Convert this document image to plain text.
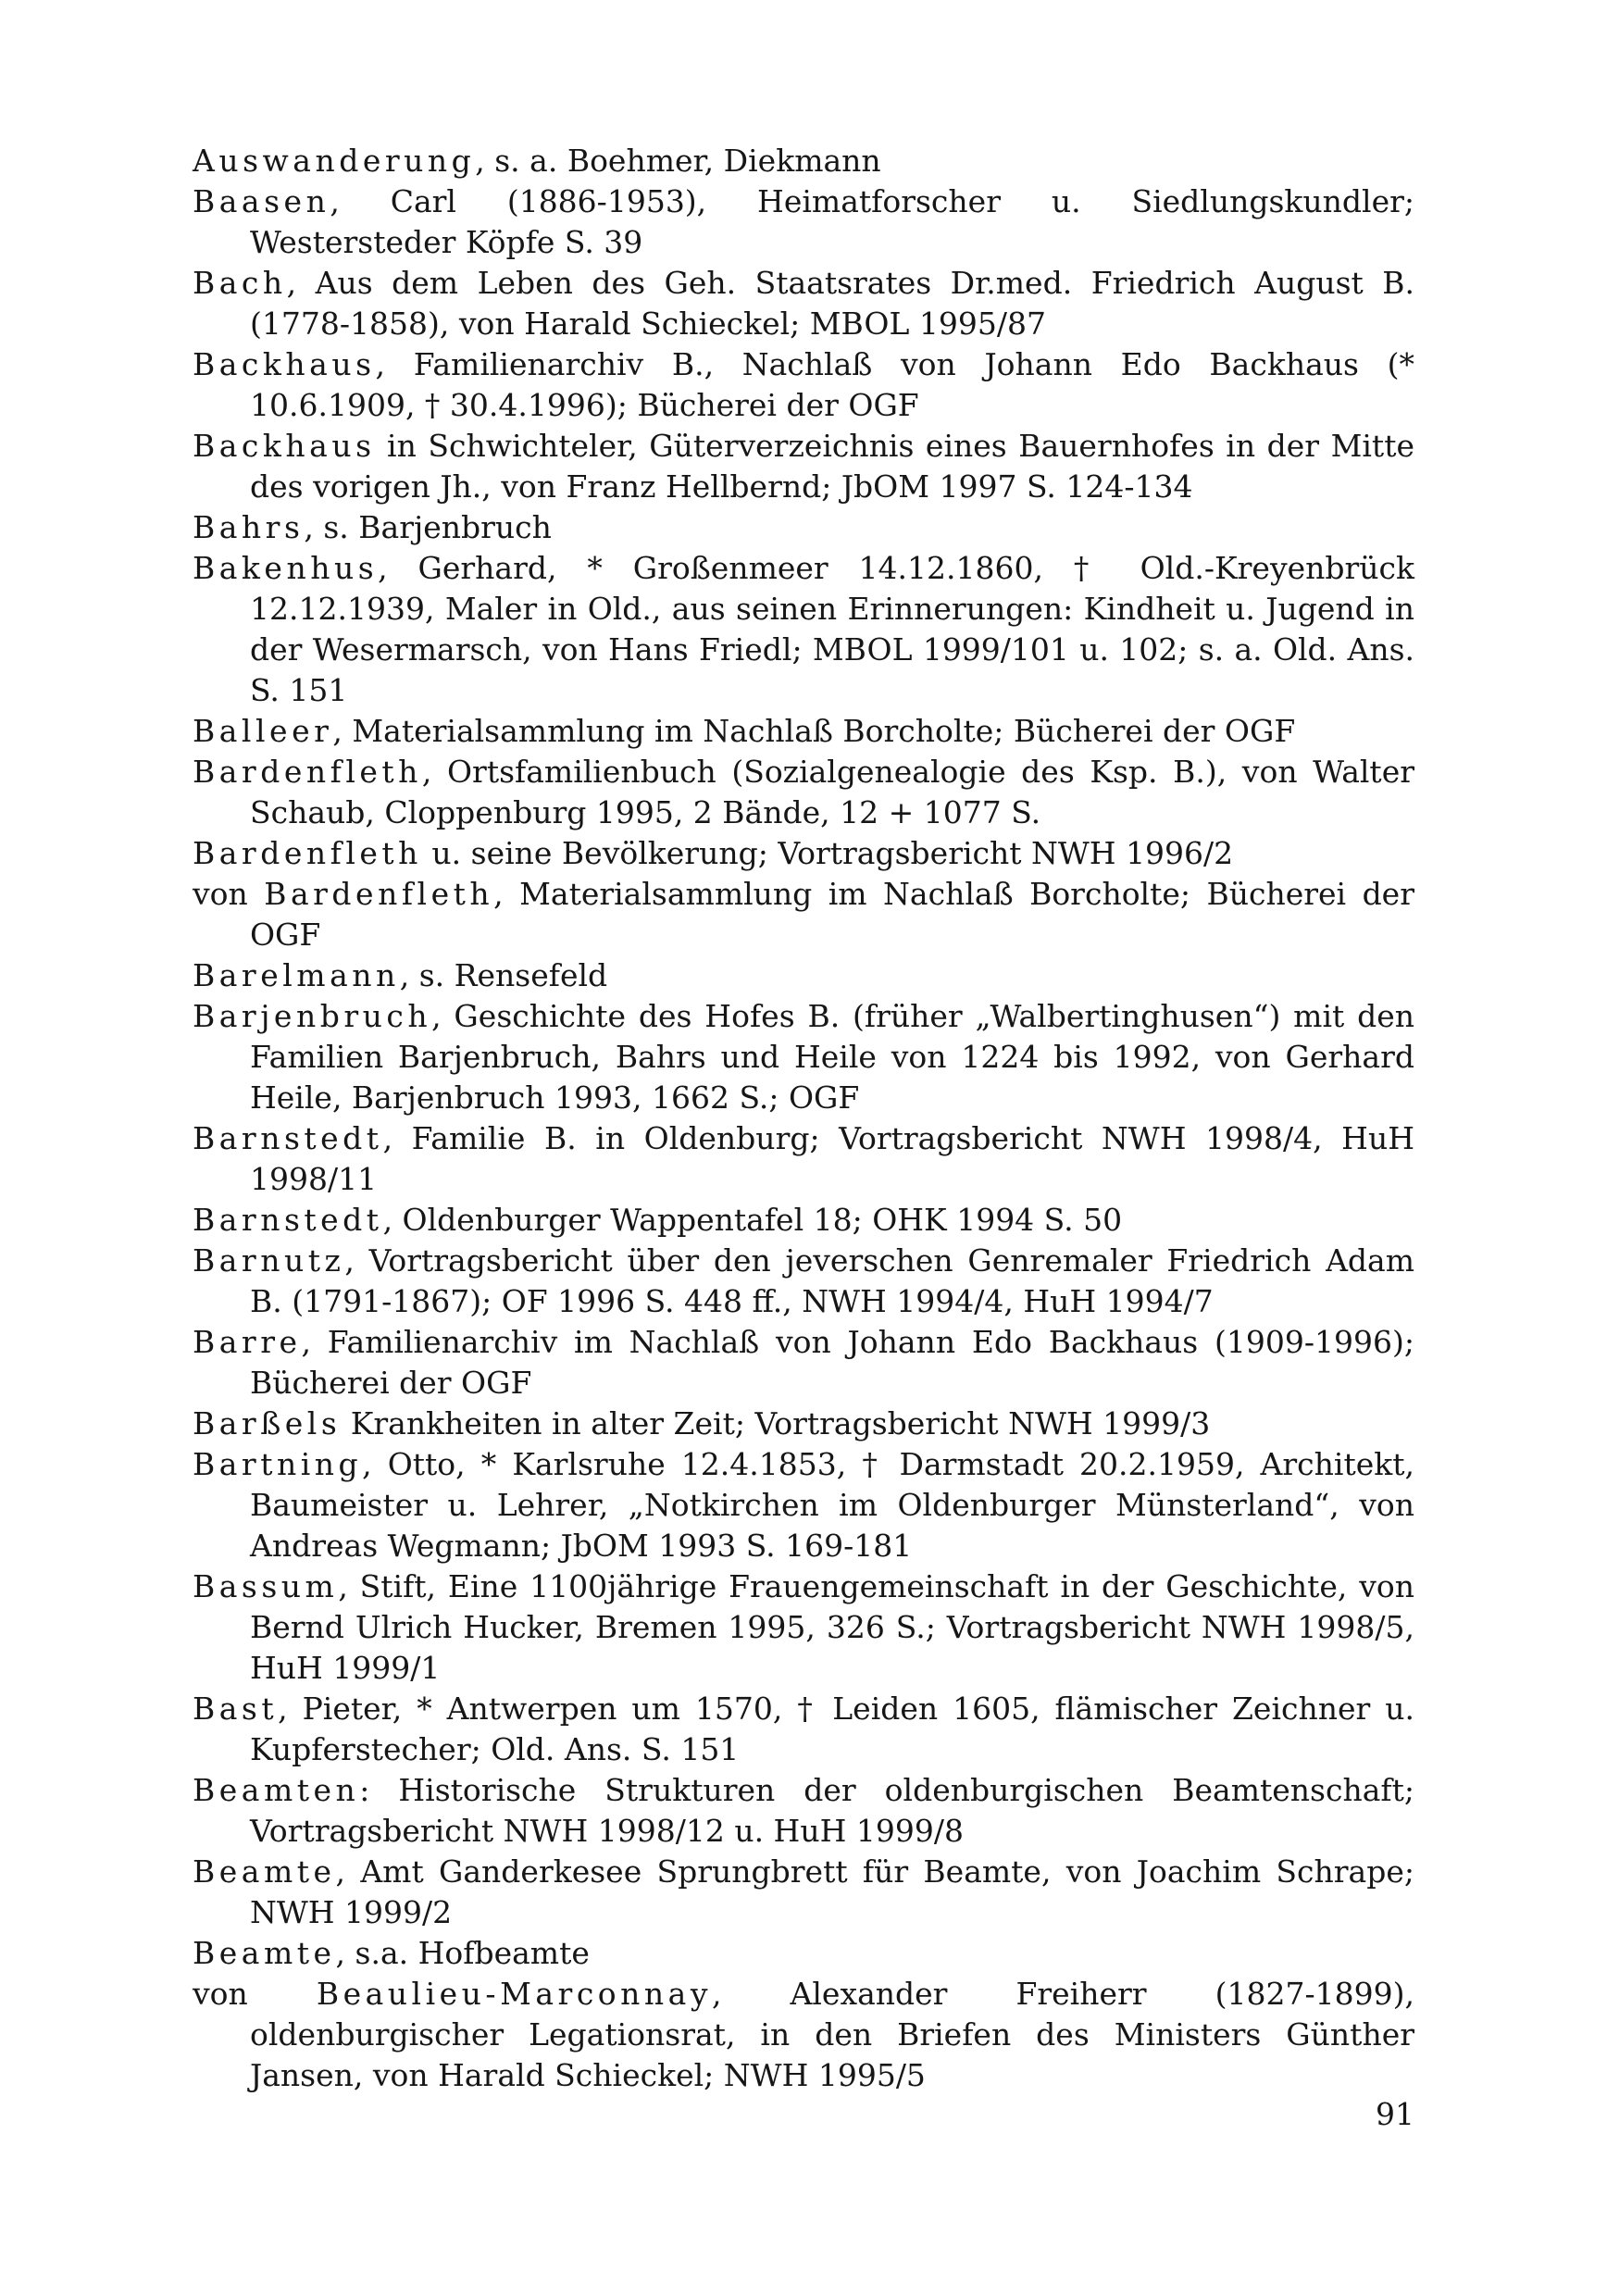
Auswanderung, s. a. Boehmer, Diekmann

Baasen, Carl (1886-1953), Heimatforscher u. Siedlungskundler; Westersteder Köpfe S. 39

Bach, Aus dem Leben des Geh. Staatsrates Dr.med. Friedrich August B. (1778-1858), von Harald Schieckel; MBOL 1995/87

Backhaus, Familienarchiv B., Nachlaß von Johann Edo Backhaus (* 10.6.1909, † 30.4.1996); Bücherei der OGF

Backhaus in Schwichteler, Güterverzeichnis eines Bauernhofes in der Mitte des vorigen Jh., von Franz Hellbernd; JbOM 1997 S. 124-134

Bahrs, s. Barjenbruch

Bakenhus, Gerhard, * Großenmeer 14.12.1860, † Old.-Kreyenbrück 12.12.1939, Maler in Old., aus seinen Erinnerungen: Kindheit u. Jugend in der Wesermarsch, von Hans Friedl; MBOL 1999/101 u. 102; s. a. Old. Ans. S. 151

Balleer, Materialsammlung im Nachlaß Borcholte; Bücherei der OGF

Bardenfleth, Ortsfamilienbuch (Sozialgenealogie des Ksp. B.), von Walter Schaub, Cloppenburg 1995, 2 Bände, 12 + 1077 S.

Bardenfleth u. seine Bevölkerung; Vortragsbericht NWH 1996/2

von Bardenfleth, Materialsammlung im Nachlaß Borcholte; Bücherei der OGF

Barelmann, s. Rensefeld

Barjenbruch, Geschichte des Hofes B. (früher „Walbertinghusen“) mit den Familien Barjenbruch, Bahrs und Heile von 1224 bis 1992, von Gerhard Heile, Barjenbruch 1993, 1662 S.; OGF

Barnstedt, Familie B. in Oldenburg; Vortragsbericht NWH 1998/4, HuH 1998/11

Barnstedt, Oldenburger Wappentafel 18; OHK 1994 S. 50

Barnutz, Vortragsbericht über den jeverschen Genremaler Friedrich Adam B. (1791-1867); OF 1996 S. 448 ff., NWH 1994/4, HuH 1994/7

Barre, Familienarchiv im Nachlaß von Johann Edo Backhaus (1909-1996); Bücherei der OGF

Barßels Krankheiten in alter Zeit; Vortragsbericht NWH 1999/3

Bartning, Otto, * Karlsruhe 12.4.1853, † Darmstadt 20.2.1959, Architekt, Baumeister u. Lehrer, „Notkirchen im Oldenburger Münsterland“, von Andreas Wegmann; JbOM 1993 S. 169-181

Bassum, Stift, Eine 1100jährige Frauengemeinschaft in der Geschichte, von Bernd Ulrich Hucker, Bremen 1995, 326 S.; Vortragsbericht NWH 1998/5, HuH 1999/1

Bast, Pieter, * Antwerpen um 1570, † Leiden 1605, flämischer Zeichner u. Kupferstecher; Old. Ans. S. 151

Beamten: Historische Strukturen der oldenburgischen Beamtenschaft; Vortragsbericht NWH 1998/12 u. HuH 1999/8

Beamte, Amt Ganderkesee Sprungbrett für Beamte, von Joachim Schrape; NWH 1999/2

Beamte, s.a. Hofbeamte

von Beaulieu-Marconnay, Alexander Freiherr (1827-1899), oldenburgischer Legationsrat, in den Briefen des Ministers Günther Jansen, von Harald Schieckel; NWH 1995/5

91
